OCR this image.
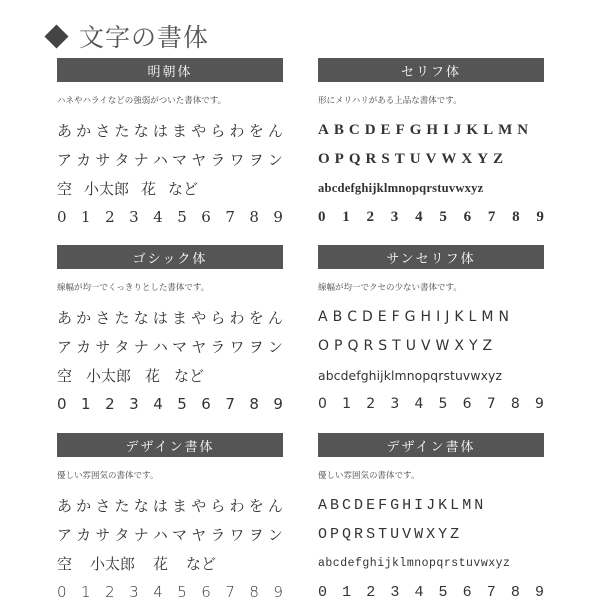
文字の書体
明朝体
ハネやハライなどの強弱がついた書体です。
あ か さ た な は ま や ら わ を ん
ア カ サ タ ナ ハ マ ヤ ラ ワ ヲ ン
空 小太郎 花 など
0 1 2 3 4 5 6 7 8 9
セリフ体
形にメリハリがある上品な書体です。
A B C D E F G H I J K L M N
O P Q R S T U V W X Y Z
abcdefghijklmnopqrstuvwxyz
0 1 2 3 4 5 6 7 8 9
ゴシック体
線幅が均一でくっきりとした書体です。
あ か さ た な は ま や ら わ を ん
ア カ サ タ ナ ハ マ ヤ ラ ワ ヲ ン
空 小太郎 花 など
0 1 2 3 4 5 6 7 8 9
サンセリフ体
線幅が均一でクセの少ない書体です。
A B C D E F G H I J K L M N
O P Q R S T U V W X Y Z
abcdefghijklmnopqrstuvwxyz
0 1 2 3 4 5 6 7 8 9
デザイン書体
優しい雰囲気の書体です。
あ か さ た な は ま や ら わ を ん
ア カ サ タ ナ ハ マ ヤ ラ ワ ヲ ン
空 小太郎 花 など
0 1 2 3 4 5 6 7 8 9
デザイン書体
優しい雰囲気の書体です。
A B C D E F G H I J K L M N
O P Q R S T U V W X Y Z
abcdefghijklmnopqrstuvwxyz
0 1 2 3 4 5 6 7 8 9
